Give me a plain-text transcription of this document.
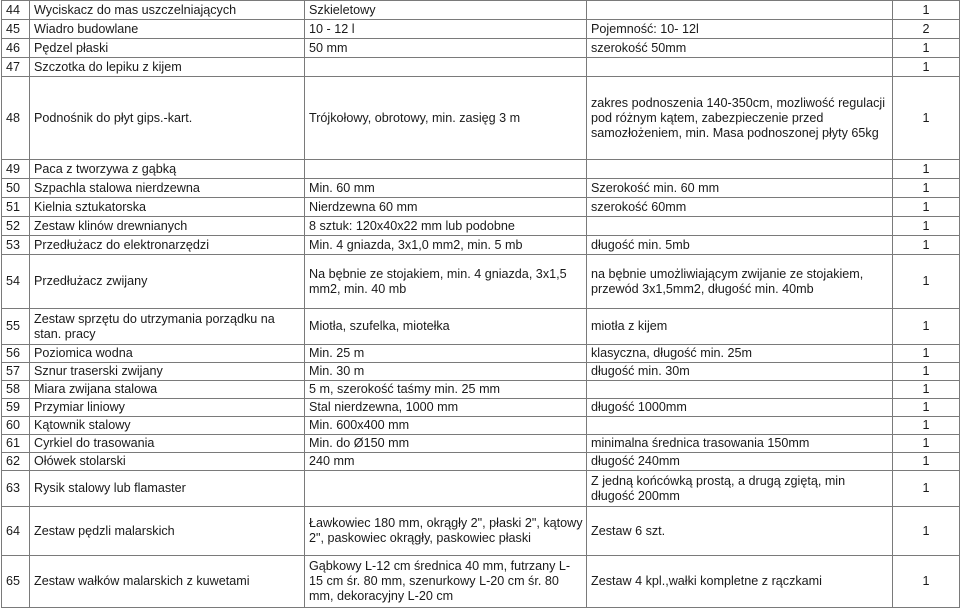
44	Wyciskacz do mas uszczelniających	Szkieletowy		1
45	Wiadro budowlane	10 - 12 l	Pojemność: 10- 12l	2
46	Pędzel płaski	50 mm	szerokość 50mm	1
47	Szczotka do lepiku z kijem			1
48	Podnośnik do płyt gips.-kart.	Trójkołowy, obrotowy, min. zasięg 3 m	zakres podnoszenia 140-350cm, mozliwość regulacji pod różnym kątem, zabezpieczenie przed samozłożeniem, min. Masa podnoszonej płyty 65kg	1
49	Paca z tworzywa z gąbką			1
50	Szpachla stalowa nierdzewna	Min. 60 mm	Szerokość min. 60 mm	1
51	Kielnia sztukatorska	Nierdzewna 60 mm	szerokość 60mm	1
52	Zestaw klinów drewnianych	8 sztuk: 120x40x22 mm lub podobne		1
53	Przedłużacz do elektronarzędzi	Min. 4 gniazda, 3x1,0 mm2, min. 5 mb	długość min. 5mb	1
54	Przedłużacz zwijany	Na bębnie ze stojakiem, min. 4 gniazda, 3x1,5 mm2, min. 40 mb	na bębnie umożliwiającym zwijanie ze stojakiem, przewód 3x1,5mm2, długość min. 40mb	1
55	Zestaw sprzętu do utrzymania porządku na stan. pracy	Miotła, szufelka, miotełka	miotła z kijem	1
56	Poziomica wodna	Min. 25 m	klasyczna, długość min. 25m	1
57	Sznur traserski zwijany	Min. 30 m	długość min. 30m	1
58	Miara zwijana stalowa	5 m, szerokość taśmy min. 25 mm		1
59	Przymiar liniowy	Stal nierdzewna, 1000 mm	długość 1000mm	1
60	Kątownik stalowy	Min. 600x400 mm		1
61	Cyrkiel do trasowania	Min. do Ø150 mm	minimalna średnica trasowania 150mm	1
62	Ołówek stolarski	240 mm	długość 240mm	1
63	Rysik stalowy lub flamaster		Z jedną końcówką prostą, a drugą zgiętą, min długość 200mm	1
64	Zestaw pędzli malarskich	Ławkowiec 180 mm, okrągły 2", płaski 2", kątowy 2", paskowiec okrągły, paskowiec płaski	Zestaw 6 szt.	1
65	Zestaw wałków malarskich z kuwetami	Gąbkowy L-12 cm średnica 40 mm, futrzany L-15 cm śr. 80 mm, szenurkowy L-20 cm śr. 80 mm, dekoracyjny L-20 cm	Zestaw 4 kpl.,wałki kompletne z rączkami	1
